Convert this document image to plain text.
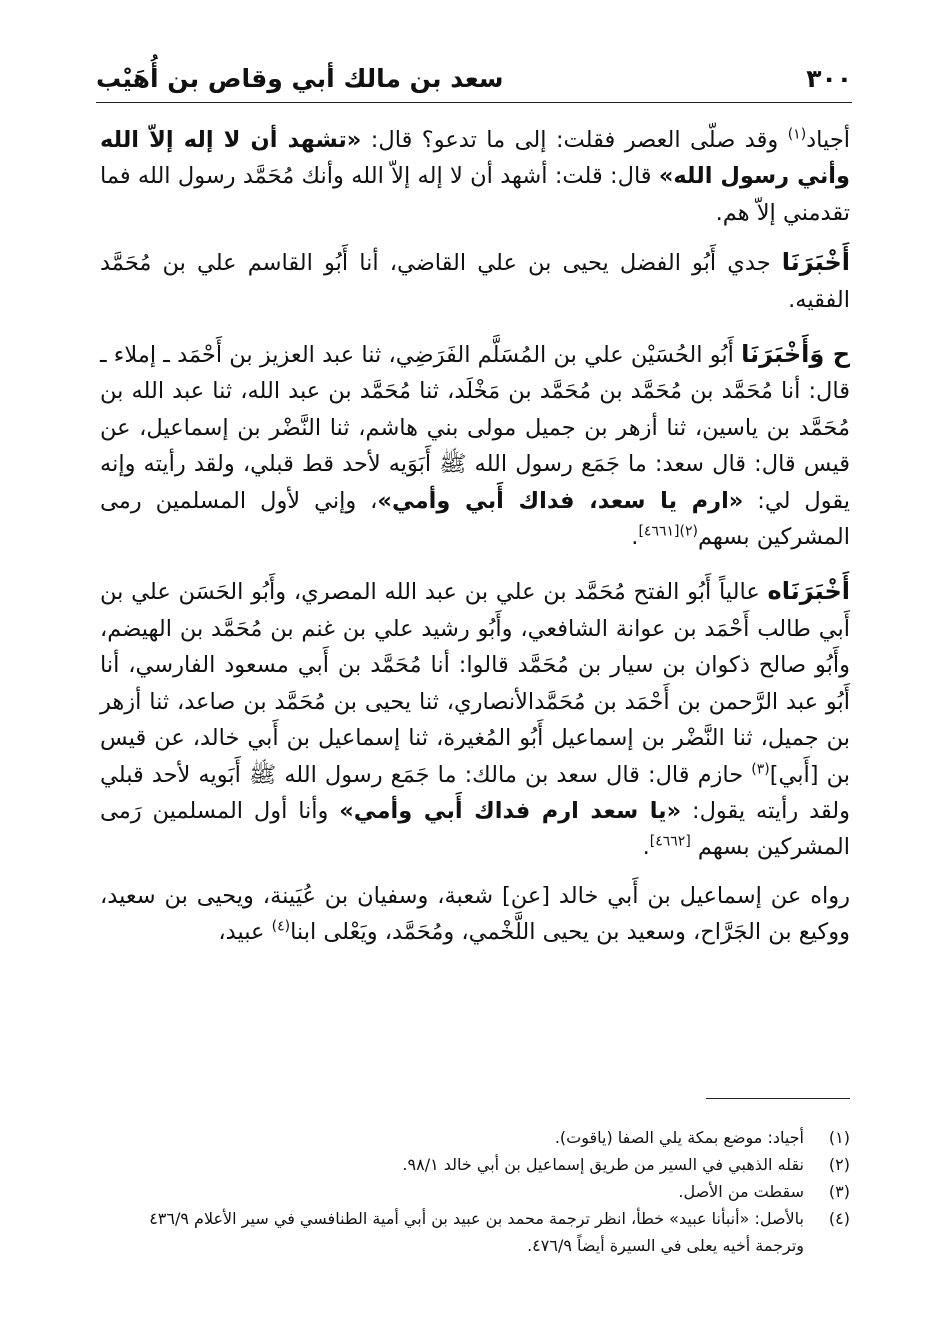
٣٠٠
سعد بن مالك أبي وقاص بن أُهَيْب

أجياد$^{(١)}$ وقد صلّى العصر فقلت: إلى ما تدعو؟ قال: «تشهد أن لا إله إلاّ الله وأني رسول الله» قال: قلت: أشهد أن لا إله إلاّ الله وأنك مُحَمَّد رسول الله فما تقدمني إلاّ هم.

أَخْبَرَنَا جدي أَبُو الفضل يحيى بن علي القاضي، أنا أَبُو القاسم علي بن مُحَمَّد الفقيه.

ح وَأَخْبَرَنَا أَبُو الحُسَيْن علي بن المُسَلَّم الفَرَضِي، ثنا عبد العزيز بن أَحْمَد ـ إملاء ـ قال: أنا مُحَمَّد بن مُحَمَّد بن مُحَمَّد بن مَخْلَد، ثنا مُحَمَّد بن عبد الله، ثنا عبد الله بن مُحَمَّد بن ياسين، ثنا أزهر بن جميل مولى بني هاشم، ثنا النَّضْر بن إسماعيل، عن قيس قال: قال سعد: ما جَمَع رسول الله ﷺ أَبَوَيه لأحد قط قبلي، ولقد رأيته وإنه يقول لي: «ارم يا سعد، فداك أَبي وأمي»، وإني لأول المسلمين رمى المشركين بسهم$^{(٢)[٤٦٦١]}$.

أَخْبَرَنَاه عالياً أَبُو الفتح مُحَمَّد بن علي بن عبد الله المصري، وأَبُو الحَسَن علي بن أَبي طالب أَحْمَد بن عوانة الشافعي، وأَبُو رشيد علي بن غنم بن مُحَمَّد بن الهيضم، وأَبُو صالح ذكوان بن سيار بن مُحَمَّد قالوا: أنا مُحَمَّد بن أَبي مسعود الفارسي، أنا أَبُو عبد الرَّحمن بن أَحْمَد بن مُحَمَّدالأنصاري، ثنا يحيى بن مُحَمَّد بن صاعد، ثنا أزهر بن جميل، ثنا النَّضْر بن إسماعيل أَبُو المُغيرة، ثنا إسماعيل بن أَبي خالد، عن قيس بن [أَبي]$^{(٣)}$ حازم قال: قال سعد بن مالك: ما جَمَع رسول الله ﷺ أَبَويه لأحد قبلي ولقد رأيته يقول: «يا سعد ارم فداك أَبي وأمي» وأنا أول المسلمين رَمى المشركين بسهم [٤٦٦٢].

رواه عن إسماعيل بن أَبي خالد [عن] شعبة، وسفيان بن عُيَينة، ويحيى بن سعيد، ووكيع بن الجَرَّاح، وسعيد بن يحيى اللَّخْمي، ومُحَمَّد، ويَعْلى ابنا$^{(٤)}$ عبيد،

(١)
أجياد: موضع بمكة يلي الصفا (ياقوت).
(٢)
نقله الذهبي في السير من طريق إسماعيل بن أبي خالد ٩٨/١.
(٣)
سقطت من الأصل.
(٤)
بالأصل: «أنبأنا عبيد» خطأ، انظر ترجمة محمد بن عبيد بن أبي أمية الطنافسي في سير الأعلام ٤٣٦/٩ وترجمة أخيه يعلى في السيرة أيضاً ٤٧٦/٩.
